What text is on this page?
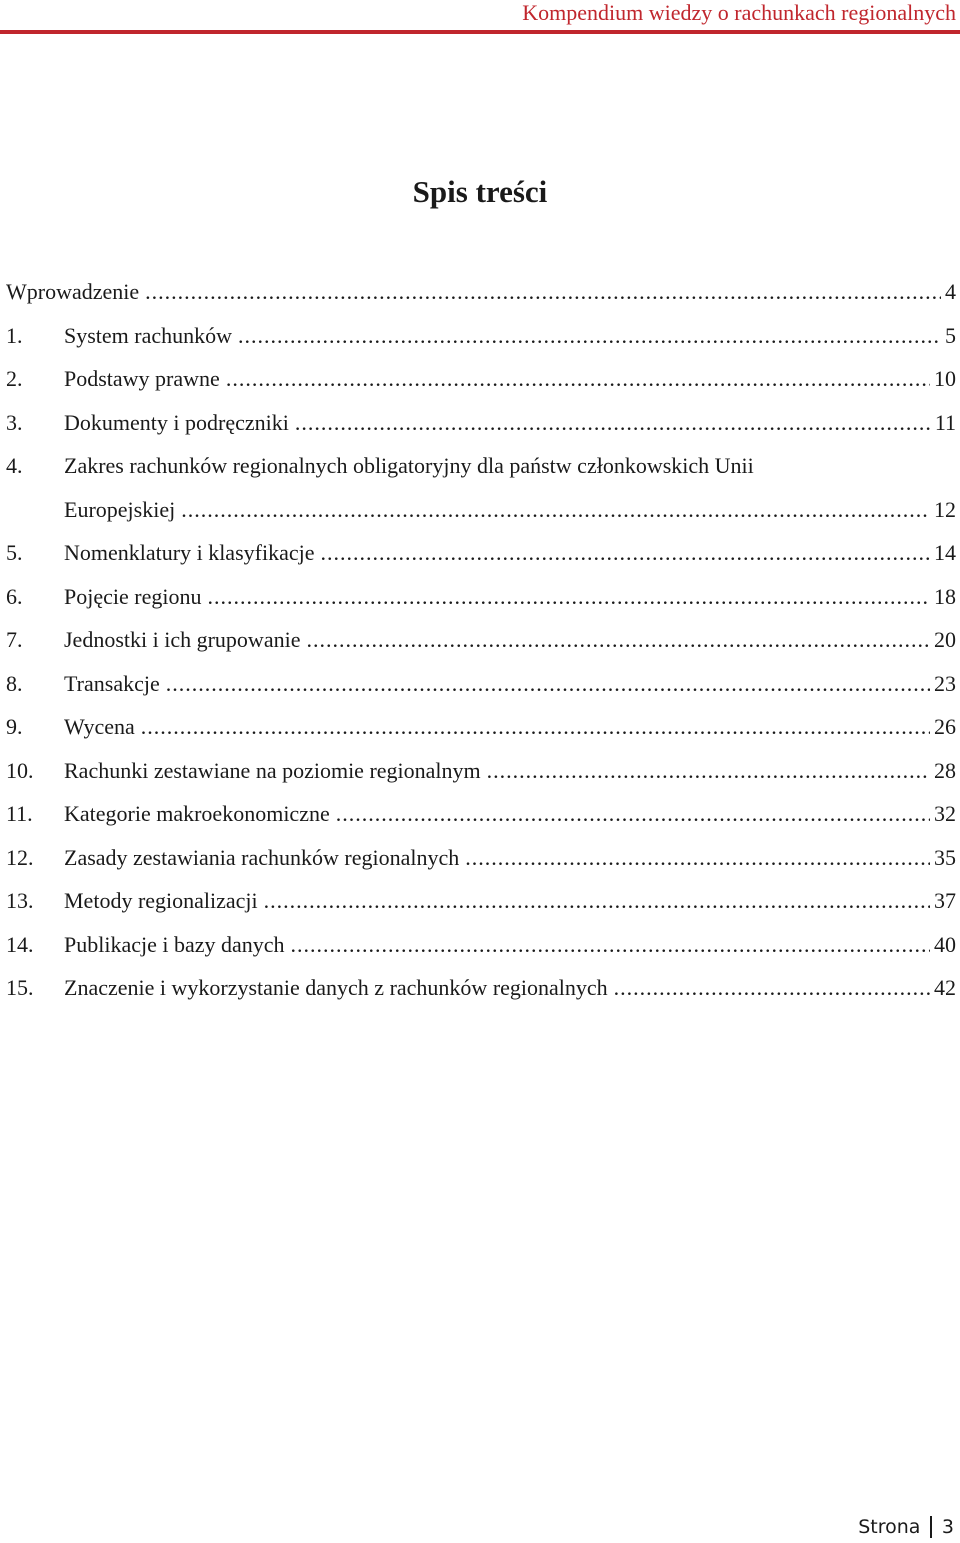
Kompendium wiedzy o rachunkach regionalnych
Spis treści
Wprowadzenie .....	4
1. System rachunków .....	5
2. Podstawy prawne .....	10
3. Dokumenty i podręczniki .....	11
4. Zakres rachunków regionalnych obligatoryjny dla państw członkowskich Unii
Europejskiej .....	12
5. Nomenklatury i klasyfikacje .....	14
6. Pojęcie regionu .....	18
7. Jednostki i ich grupowanie .....	20
8. Transakcje .....	23
9. Wycena .....	26
10. Rachunki zestawiane na poziomie regionalnym .....	28
11. Kategorie makroekonomiczne .....	32
12. Zasady zestawiania rachunków regionalnych .....	35
13. Metody regionalizacji .....	37
14. Publikacje i bazy danych .....	40
15. Znaczenie i wykorzystanie danych z rachunków regionalnych .....	42
Strona 3
